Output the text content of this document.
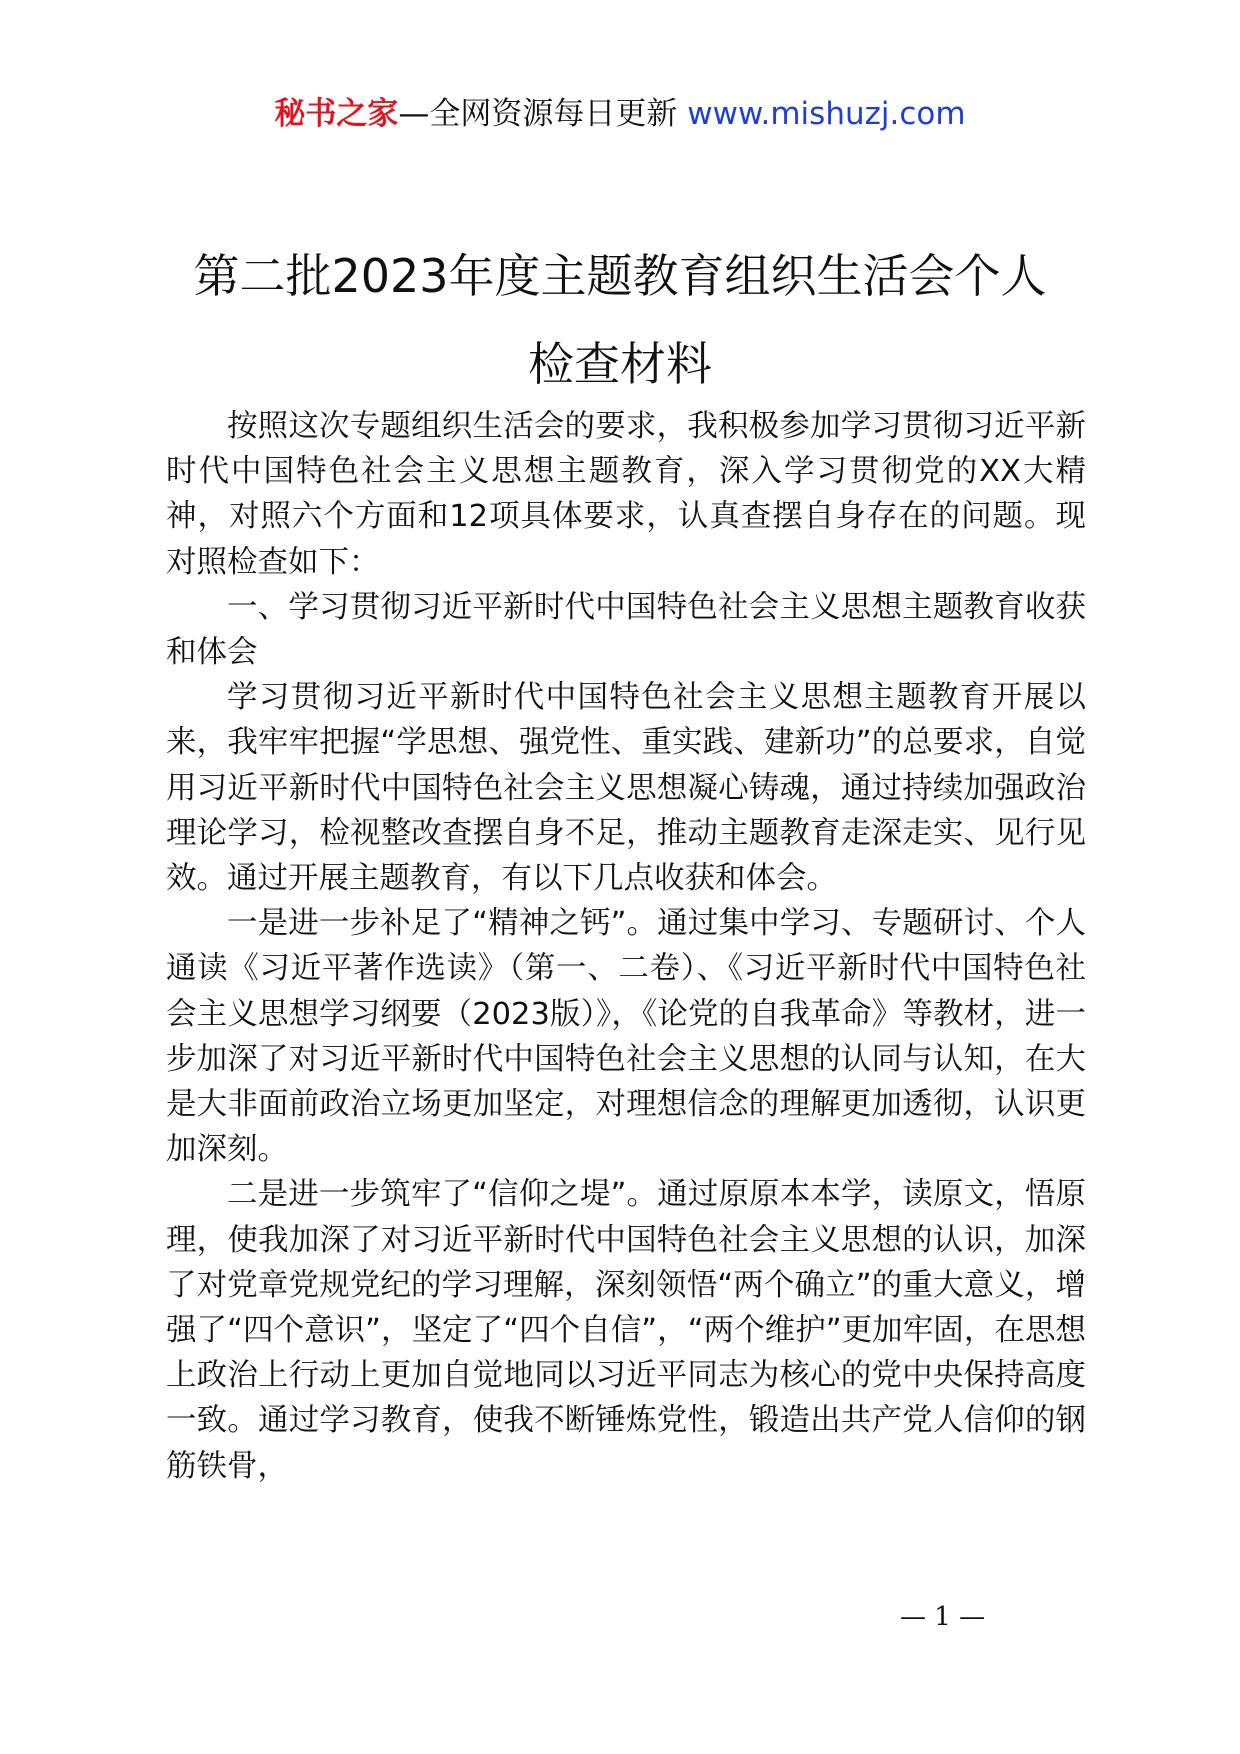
秘书之家—全网资源每日更新 www.mishuzj.com
第二批2023年度主题教育组织生活会个人
检查材料

按照这次专题组织生活会的要求，我积极参加学习贯彻习近平新时代中国特色社会主义思想主题教育，深入学习贯彻党的XX大精神，对照六个方面和12项具体要求，认真查摆自身存在的问题。现对照检查如下：

一、学习贯彻习近平新时代中国特色社会主义思想主题教育收获和体会

学习贯彻习近平新时代中国特色社会主义思想主题教育开展以来，我牢牢把握“学思想、强党性、重实践、建新功”的总要求，自觉用习近平新时代中国特色社会主义思想凝心铸魂，通过持续加强政治理论学习，检视整改查摆自身不足，推动主题教育走深走实、见行见效。通过开展主题教育，有以下几点收获和体会。

一是进一步补足了“精神之钙”。通过集中学习、专题研讨、个人通读《习近平著作选读》（第一、二卷）、《习近平新时代中国特色社会主义思想学习纲要（2023版）》，《论党的自我革命》等教材，进一步加深了对习近平新时代中国特色社会主义思想的认同与认知，在大是大非面前政治立场更加坚定，对理想信念的理解更加透彻，认识更加深刻。

二是进一步筑牢了“信仰之堤”。通过原原本本学，读原文，悟原理，使我加深了对习近平新时代中国特色社会主义思想的认识，加深了对党章党规党纪的学习理解，深刻领悟“两个确立”的重大意义，增强了“四个意识”，坚定了“四个自信”，“两个维护”更加牢固，在思想上政治上行动上更加自觉地同以习近平同志为核心的党中央保持高度一致。通过学习教育，使我不断锤炼党性，锻造出共产党人信仰的钢筋铁骨，

— 1 —
